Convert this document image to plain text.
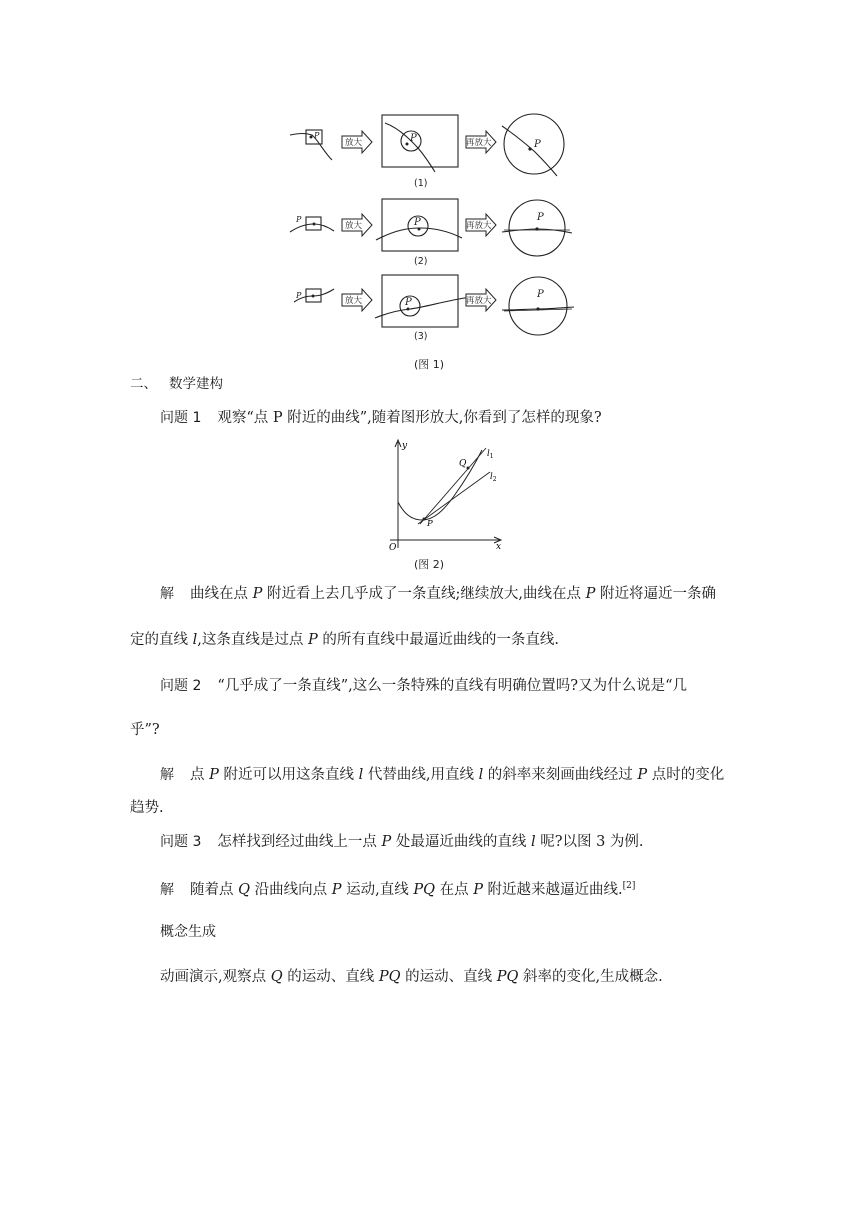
P
放大	P	再放大	P
(1)
P
放大	P	再放大
P
(2)
P
放大	P	再放大
P
(3)
(图 1)
二、 数学建构
问题 1 观察“点 P 附近的曲线”,随着图形放大,你看到了怎样的现象?
y
x
O
P
Q
$l_1$
$l_2$
(图 2)
解 曲线在点 P 附近看上去几乎成了一条直线;继续放大,曲线在点 P 附近将逼近一条确
定的直线 l,这条直线是过点 P 的所有直线中最逼近曲线的一条直线.
问题 2 “几乎成了一条直线”,这么一条特殊的直线有明确位置吗?又为什么说是“几
乎”?
解 点 P 附近可以用这条直线 l 代替曲线,用直线 l 的斜率来刻画曲线经过 P 点时的变化
趋势.
问题 3 怎样找到经过曲线上一点 P 处最逼近曲线的直线 l 呢?以图 3 为例.
解 随着点 Q 沿曲线向点 P 运动,直线 PQ 在点 P 附近越来越逼近曲线.[2]
概念生成
动画演示,观察点 Q 的运动、直线 PQ 的运动、直线 PQ 斜率的变化,生成概念.
